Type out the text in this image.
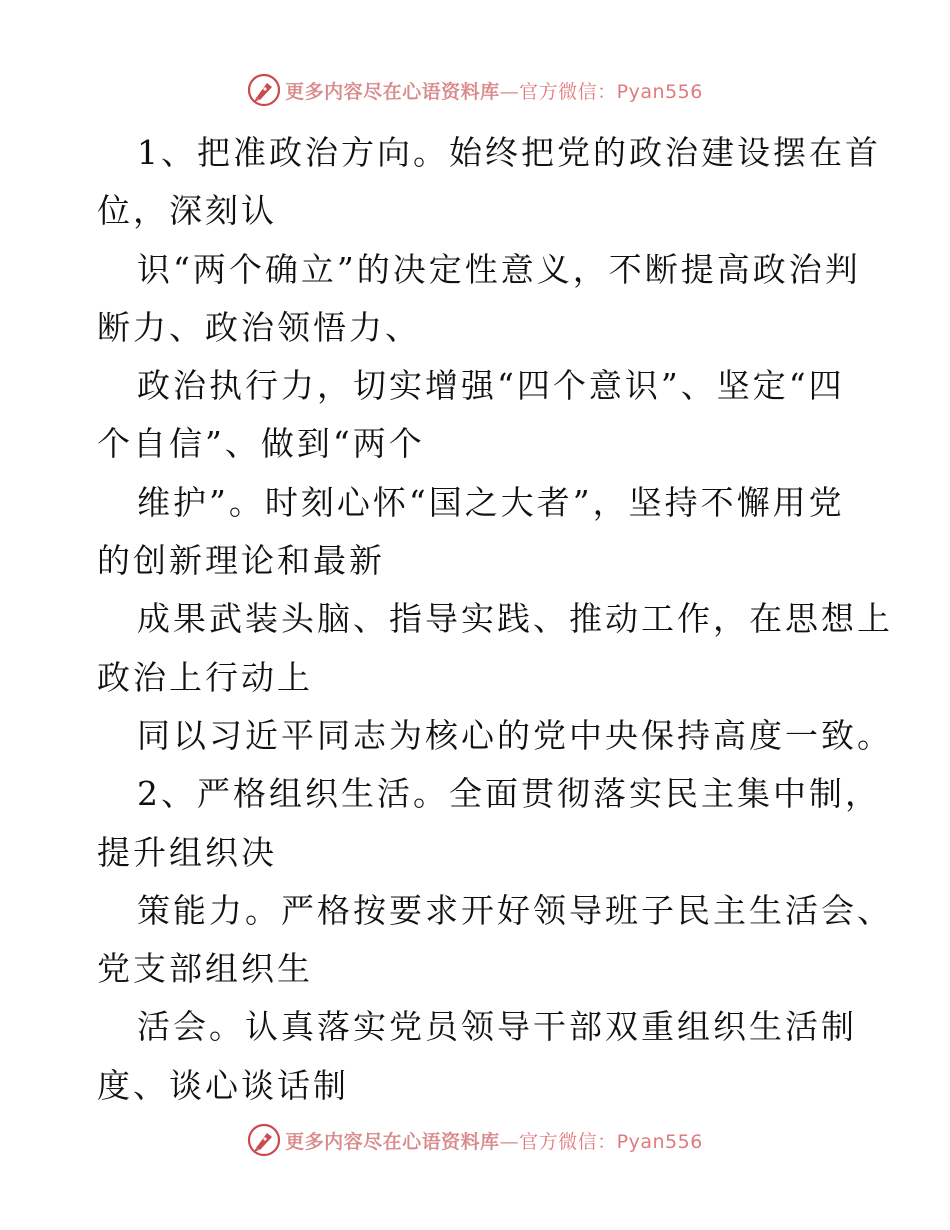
更多内容尽在心语资料库—官方微信：Pyan556
1、把准政治方向。始终把党的政治建设摆在首
位，深刻认
识“两个确立”的决定性意义，不断提高政治判
断力、政治领悟力、
政治执行力，切实增强“四个意识”、坚定“四
个自信”、做到“两个
维护”。时刻心怀“国之大者”，坚持不懈用党
的创新理论和最新
成果武装头脑、指导实践、推动工作，在思想上
政治上行动上
同以习近平同志为核心的党中央保持高度一致。
2、严格组织生活。全面贯彻落实民主集中制，
提升组织决
策能力。严格按要求开好领导班子民主生活会、
党支部组织生
活会。认真落实党员领导干部双重组织生活制
度、谈心谈话制
更多内容尽在心语资料库—官方微信：Pyan556
